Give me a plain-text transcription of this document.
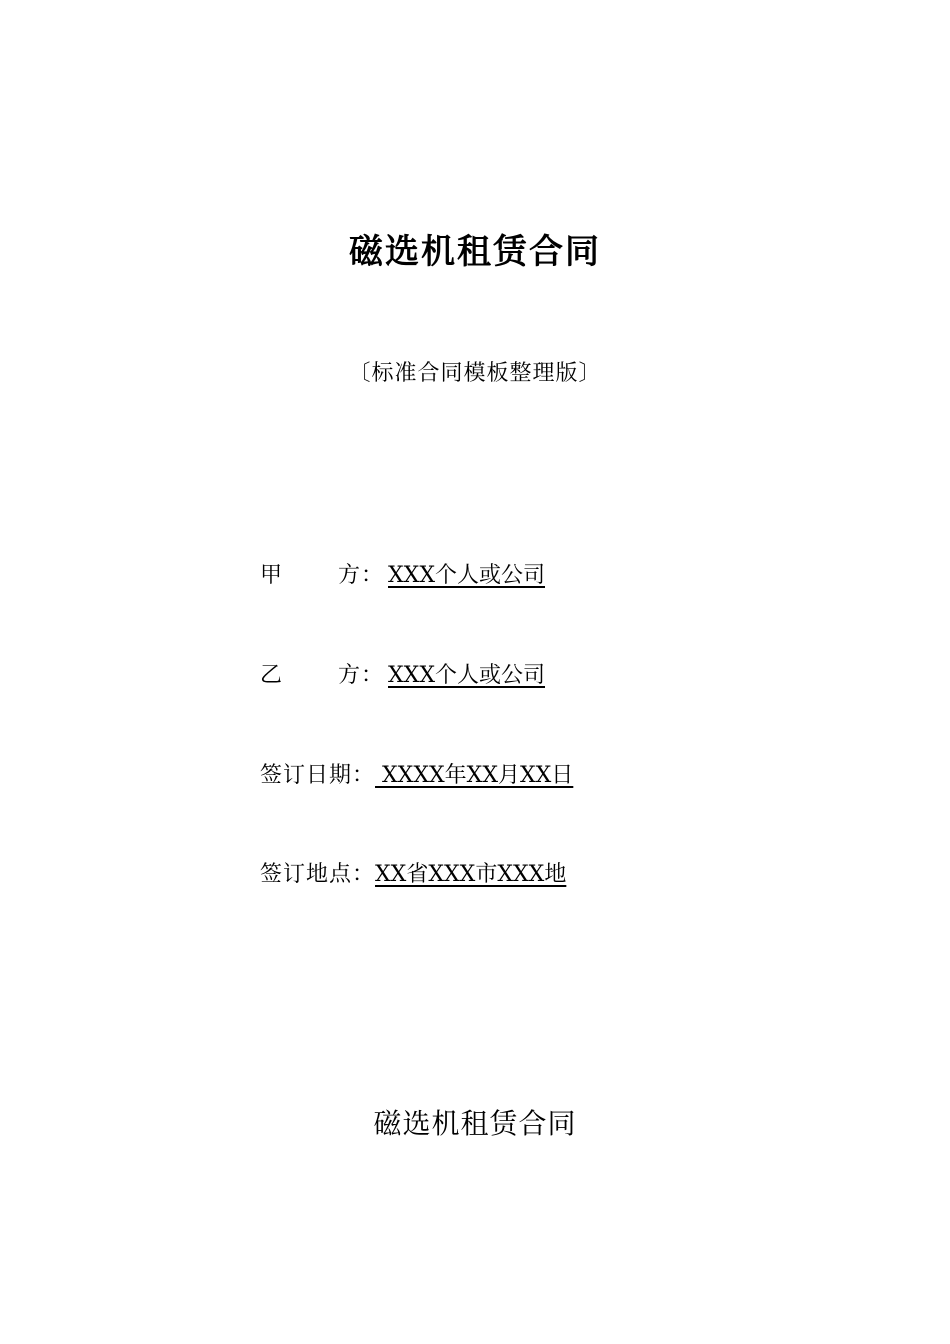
磁选机租赁合同
〔标准合同模板整理版〕
甲 方： XXX个人或公司
乙 方： XXX个人或公司
签订日期： XXXX年XX月XX日
签订地点： XX省XXX市XXX地
磁选机租赁合同
